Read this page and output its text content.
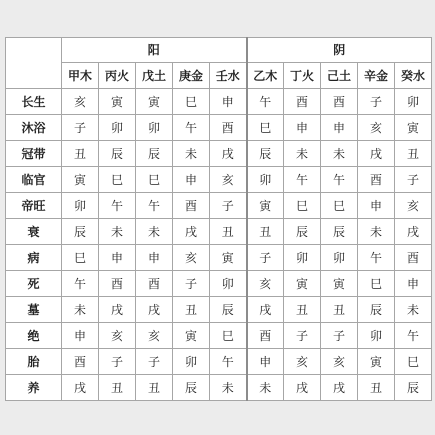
	阳					阴				
	甲木	丙火	戊土	庚金	壬水	乙木	丁火	己土	辛金	癸水
长生	亥	寅	寅	巳	申	午	酉	酉	子	卯
沐浴	子	卯	卯	午	酉	巳	申	申	亥	寅
冠带	丑	辰	辰	未	戌	辰	未	未	戌	丑
临官	寅	巳	巳	申	亥	卯	午	午	酉	子
帝旺	卯	午	午	酉	子	寅	巳	巳	申	亥
衰	辰	未	未	戌	丑	丑	辰	辰	未	戌
病	巳	申	申	亥	寅	子	卯	卯	午	酉
死	午	酉	酉	子	卯	亥	寅	寅	巳	申
墓	未	戌	戌	丑	辰	戌	丑	丑	辰	未
绝	申	亥	亥	寅	巳	酉	子	子	卯	午
胎	酉	子	子	卯	午	申	亥	亥	寅	巳
养	戌	丑	丑	辰	未	未	戌	戌	丑	辰
